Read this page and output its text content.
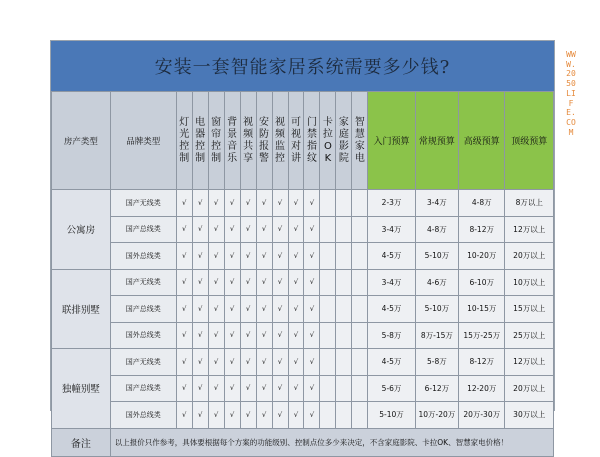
安装一套智能家居系统需要多少钱?
房产类型	品牌类型	灯光控制	电器控制	窗帘控制	背景音乐	视频共享	安防报警	视频监控	可视对讲	门禁指纹	卡拉OK	家庭影院	智慧家电	入门预算	常规预算	高级预算	顶级预算
公寓房	国产无线类	√	√	√	√	√	√	√	√	√				2-3万	3-4万	4-8万	8万以上
	国产总线类	√	√	√	√	√	√	√	√	√				3-4万	4-8万	8-12万	12万以上
	国外总线类	√	√	√	√	√	√	√	√	√				4-5万	5-10万	10-20万	20万以上
联排别墅	国产无线类	√	√	√	√	√	√	√	√	√				3-4万	4-6万	6-10万	10万以上
	国产总线类	√	√	√	√	√	√	√	√	√				4-5万	5-10万	10-15万	15万以上
	国外总线类	√	√	√	√	√	√	√	√	√				5-8万	8万-15万	15万-25万	25万以上
独幢别墅	国产无线类	√	√	√	√	√	√	√	√	√				4-5万	5-8万	8-12万	12万以上
	国产总线类	√	√	√	√	√	√	√	√	√				5-6万	6-12万	12-20万	20万以上
	国外总线类	√	√	√	√	√	√	√	√	√				5-10万	10万-20万	20万-30万	30万以上
备注	以上报价只作参考，具体要根据每个方案的功能级别、控制点位多少来决定，不含家庭影院、卡拉OK、智慧家电价格！																
WWW.2050LIFE.COM
